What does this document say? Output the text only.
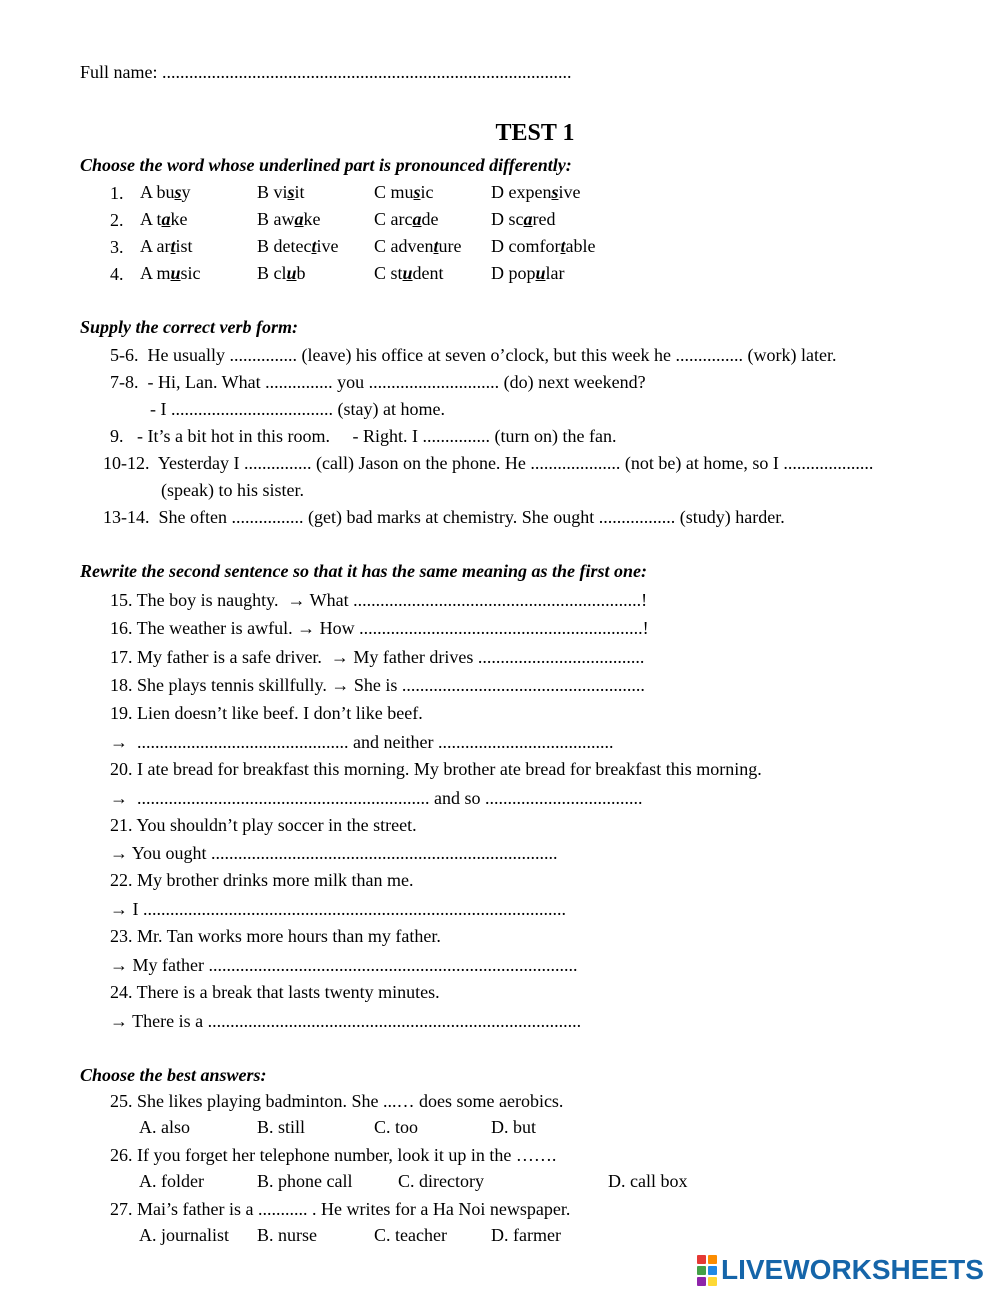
Full name: ...........................................................................................
TEST 1
Choose the word whose underlined part is pronounced differently:
1. A busy	B visit	C music	D expensive
2. A take	B awake	C arcade	D scared
3. A artist	B detective C adventure D comfortable
4. A music	B club	C student	D popular
Supply the correct verb form:
5-6.  He usually ............... (leave) his office at seven o’clock, but this week he ............... (work) later.
7-8.  - Hi, Lan. What ............... you ............................. (do) next weekend?
- I .................................... (stay) at home.
9.   - It’s a bit hot in this room.     - Right. I ............... (turn on) the fan.
10-12.  Yesterday I ............... (call) Jason on the phone. He .................... (not be) at home, so I ....................
(speak) to his sister.
13-14.  She often ................ (get) bad marks at chemistry. She ought ................. (study) harder.
Rewrite the second sentence so that it has the same meaning as the first one:
15. The boy is naughty.  → What ................................................................!
16. The weather is awful. → How ...............................................................!
17. My father is a safe driver.  → My father drives .....................................
18. She plays tennis skillfully. → She is ......................................................
19. Lien doesn’t like beef. I don’t like beef.
→  ............................................... and neither .......................................
20. I ate bread for breakfast this morning. My brother ate bread for breakfast this morning.
→  ................................................................. and so ...................................
21. You shouldn’t play soccer in the street.
→ You ought .............................................................................
22. My brother drinks more milk than me.
→ I ..............................................................................................
23. Mr. Tan works more hours than my father.
→ My father ..................................................................................
24. There is a break that lasts twenty minutes.
→ There is a ...................................................................................
Choose the best answers:
25. She likes playing badminton. She ...… does some aerobics.
A. also	B. still	C. too	D. but
26. If you forget her telephone number, look it up in the …….
A. folder	B. phone call	C. directory	D. call box
27. Mai’s father is a ........... . He writes for a Ha Noi newspaper.
A. journalist B. nurse	C. teacher D. farmer
LIVEWORKSHEETS
